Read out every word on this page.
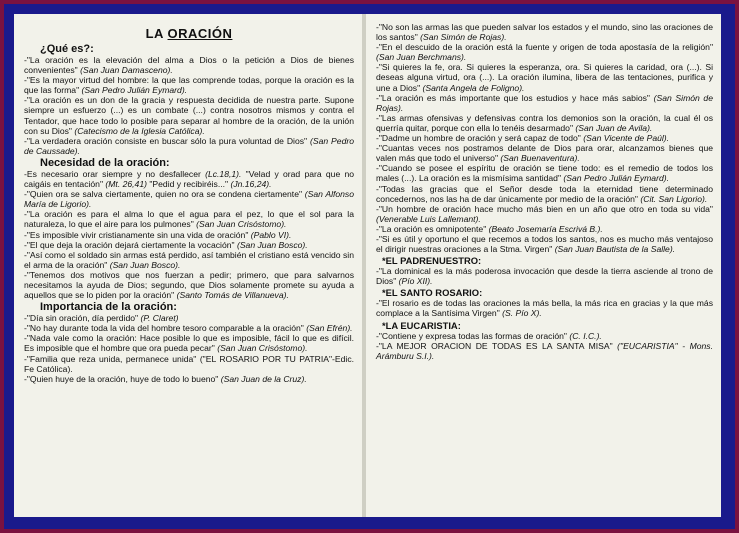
LA ORACIÓN
¿Qué es?:

-"La oración es la elevación del alma a Dios o la petición a Dios de bienes convenientes" (San Juan Damasceno).

-"Es la mayor virtud del hombre: la que las comprende todas, porque la oración es la que las forma" (San Pedro Julián Eymard).

-"La oración es un don de la gracia y respuesta decidida de nuestra parte. Supone siempre un esfuerzo (...) es un combate (...) contra nosotros mismos y contra el Tentador, que hace todo lo posible para separar al hombre de la oración, de la unión con su Dios" (Catecismo de la Iglesia Católica).

-"La verdadera oración consiste en buscar sólo la pura voluntad de Dios" (San Pedro de Caussade).

Necesidad de la oración:

-Es necesario orar siempre y no desfallecer (Lc.18,1). "Velad y orad para que no caigáis en tentación" (Mt. 26,41) "Pedid y recibiréis..." (Jn.16,24).

-"Quien ora se salva ciertamente, quien no ora se condena ciertamente" (San Alfonso María de Ligorio).

-"La oración es para el alma lo que el agua para el pez, lo que el sol para la naturaleza, lo que el aire para los pulmones" (San Juan Crisóstomo).

-"Es imposible vivir cristianamente sin una vida de oración" (Pablo VI).

-"El que deja la oración dejará ciertamente la vocación" (San Juan Bosco).

-"Así como el soldado sin armas está perdido, así también el cristiano está vencido sin el arma de la oración" (San Juan Bosco).

-"Tenemos dos motivos que nos fuerzan a pedir; primero, que para salvarnos necesitamos la ayuda de Dios; segundo, que Dios solamente promete su ayuda a aquellos que se lo piden por la oración" (Santo Tomás de Villanueva).

Importancia de la oración:

-"Día sin oración, día perdido" (P. Claret)

-"No hay durante toda la vida del hombre tesoro comparable a la oración" (San Efrén).

-"Nada vale como la oración: Hace posible lo que es imposible, fácil lo que es difícil. Es imposible que el hombre que ora pueda pecar" (San Juan Crisóstomo).

-"Familia que reza unida, permanece unida" ("EL ROSARIO POR TU PATRIA"-Edic. Fe Católica).

-"Quien huye de la oración, huye de todo lo bueno" (San Juan de la Cruz).

-"No son las armas las que pueden salvar los estados y el mundo, sino las oraciones de los santos" (San Simón de Rojas).

-"En el descuido de la oración está la fuente y origen de toda apostasía de la religión" (San Juan Berchmans).

-"Si quieres la fe, ora. Si quieres la esperanza, ora. Si quieres la caridad, ora (...). Si deseas alguna virtud, ora (...). La oración ilumina, libera de las tentaciones, purifica y une a Dios" (Santa Angela de Foligno).

-"La oración es más importante que los estudios y hace más sabios" (San Simón de Rojas).

-"Las armas ofensivas y defensivas contra los demonios son la oración, la cual él os querría quitar, porque con ella lo tenéis desarmado" (San Juan de Avila).

-"Dadme un hombre de oración y será capaz de todo" (San Vicente de Paúl).

-"Cuantas veces nos postramos delante de Dios para orar, alcanzamos bienes que valen más que todo el universo" (San Buenaventura).

-"Cuando se posee el espíritu de oración se tiene todo: es el remedio de todos los males (...). La oración es la mismísima santidad" (San Pedro Julián Eymard).

-"Todas las gracias que el Señor desde toda la eternidad tiene determinado concedernos, nos las ha de dar únicamente por medio de la oración" (Cit. San Ligorio).

-"Un hombre de oración hace mucho más bien en un año que otro en toda su vida" (Venerable Luis Lallemant).

-"La oración es omnipotente" (Beato Josemaría Escrivá B.).

-"Si es útil y oportuno el que recemos a todos los santos, nos es mucho más ventajoso el dirigir nuestras oraciones a la Stma. Virgen" (San Juan Bautista de la Salle).

*EL PADRENUESTRO:

-"La dominical es la más poderosa invocación que desde la tierra asciende al trono de Dios" (Pío XII).

*EL SANTO ROSARIO:

-"El rosario es de todas las oraciones la más bella, la más rica en gracias y la que más complace a la Santísima Virgen" (S. Pío X).

*LA EUCARISTIA:

-"Contiene y expresa todas las formas de oración" (C. I.C.).

-"LA MEJOR ORACION DE TODAS ES LA SANTA MISA" ("EUCARISTIA" - Mons. Arámburu S.I.).
